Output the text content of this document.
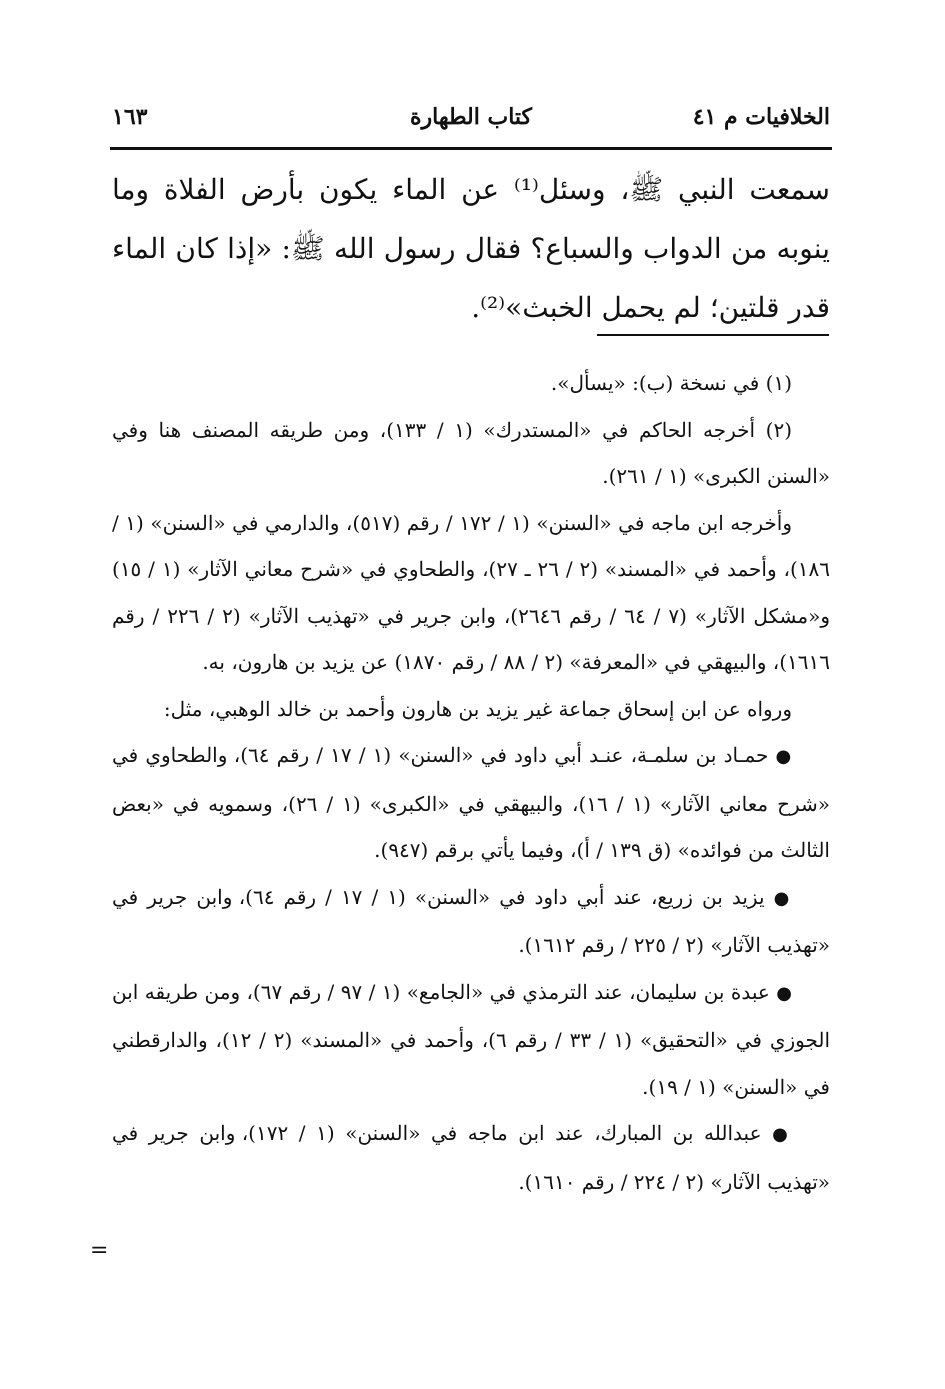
الخلافيات م ٤١
كتاب الطهارة
١٦٣
سمعت النبي ﷺ، وسئل⁽¹⁾ عن الماء يكون بأرض الفلاة وما ينوبه من الدواب والسباع؟ فقال رسول الله ﷺ: «إذا كان الماء قدر قلتين؛ لم يحمل الخبث»⁽²⁾.

(١) في نسخة (ب): «يسأل».

(٢) أخرجه الحاكم في «المستدرك» (١ / ١٣٣)، ومن طريقه المصنف هنا وفي «السنن الكبرى» (١ / ٢٦١).

وأخرجه ابن ماجه في «السنن» (١ / ١٧٢ / رقم (٥١٧)، والدارمي في «السنن» (١ / ١٨٦)، وأحمد في «المسند» (٢ / ٢٦ ـ ٢٧)، والطحاوي في «شرح معاني الآثار» (١ / ١٥) و«مشكل الآثار» (٧ / ٦٤ / رقم ٢٦٤٦)، وابن جرير في «تهذيب الآثار» (٢ / ٢٢٦ / رقم ١٦١٦)، والبيهقي في «المعرفة» (٢ / ٨٨ / رقم ١٨٧٠) عن يزيد بن هارون، به.

ورواه عن ابن إسحاق جماعة غير يزيد بن هارون وأحمد بن خالد الوهبي، مثل:

● حمـاد بن سلمـة، عنـد أبي داود في «السنن» (١ / ١٧ / رقم ٦٤)، والطحاوي في «شرح معاني الآثار» (١ / ١٦)، والبيهقي في «الكبرى» (١ / ٢٦)، وسمويه في «بعض الثالث من فوائده» (ق ١٣٩ / أ)، وفيما يأتي برقم (٩٤٧).

● يزيد بن زريع، عند أبي داود في «السنن» (١ / ١٧ / رقم ٦٤)، وابن جرير في «تهذيب الآثار» (٢ / ٢٢٥ / رقم ١٦١٢).

● عبدة بن سليمان، عند الترمذي في «الجامع» (١ / ٩٧ / رقم ٦٧)، ومن طريقه ابن الجوزي في «التحقيق» (١ / ٣٣ / رقم ٦)، وأحمد في «المسند» (٢ / ١٢)، والدارقطني في «السنن» (١ / ١٩).

● عبدالله بن المبارك، عند ابن ماجه في «السنن» (١ / ١٧٢)، وابن جرير في «تهذيب الآثار» (٢ / ٢٢٤ / رقم ١٦١٠).

=
